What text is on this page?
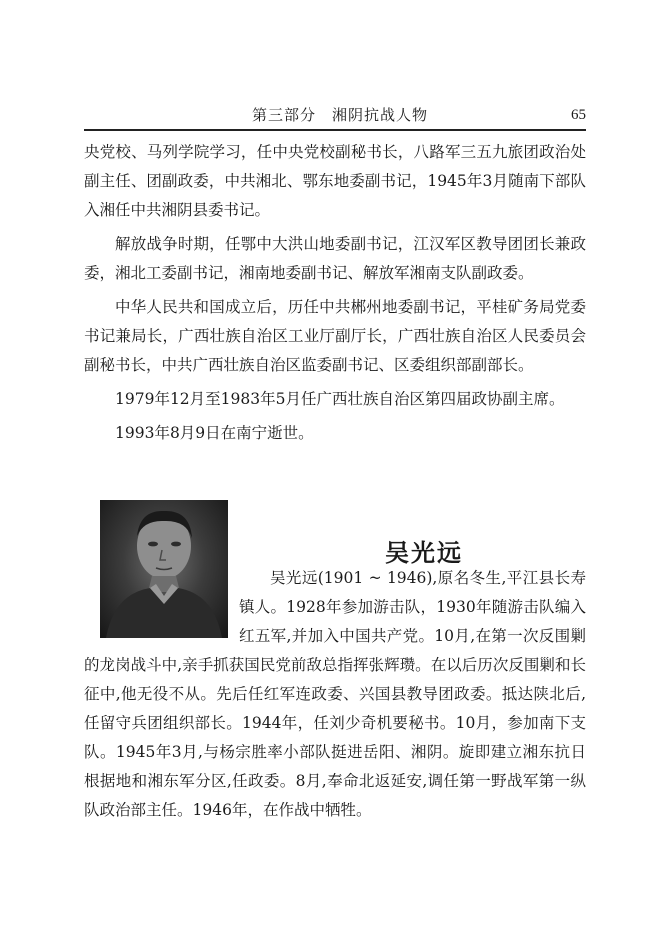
第三部分　湘阴抗战人物	65

央党校、马列学院学习，任中央党校副秘书长，八路军三五九旅团政治处副主任、团副政委，中共湘北、鄂东地委副书记，1945年3月随南下部队入湘任中共湘阴县委书记。

解放战争时期，任鄂中大洪山地委副书记，江汉军区教导团团长兼政委，湘北工委副书记，湘南地委副书记、解放军湘南支队副政委。

中华人民共和国成立后，历任中共郴州地委副书记，平桂矿务局党委书记兼局长，广西壮族自治区工业厅副厅长，广西壮族自治区人民委员会副秘书长，中共广西壮族自治区监委副书记、区委组织部副部长。

1979年12月至1983年5月任广西壮族自治区第四届政协副主席。

1993年8月9日在南宁逝世。

吴光远

吴光远(1901 ~ 1946),原名冬生,平江县长寿镇人。1928年参加游击队，1930年随游击队编入红五军,并加入中国共产党。10月,在第一次反围剿的龙岗战斗中,亲手抓获国民党前敌总指挥张辉瓒。在以后历次反围剿和长征中,他无役不从。先后任红军连政委、兴国县教导团政委。抵达陕北后,任留守兵团组织部长。1944年，任刘少奇机要秘书。10月，参加南下支队。1945年3月,与杨宗胜率小部队挺进岳阳、湘阴。旋即建立湘东抗日根据地和湘东军分区,任政委。8月,奉命北返延安,调任第一野战军第一纵队政治部主任。1946年，在作战中牺牲。
